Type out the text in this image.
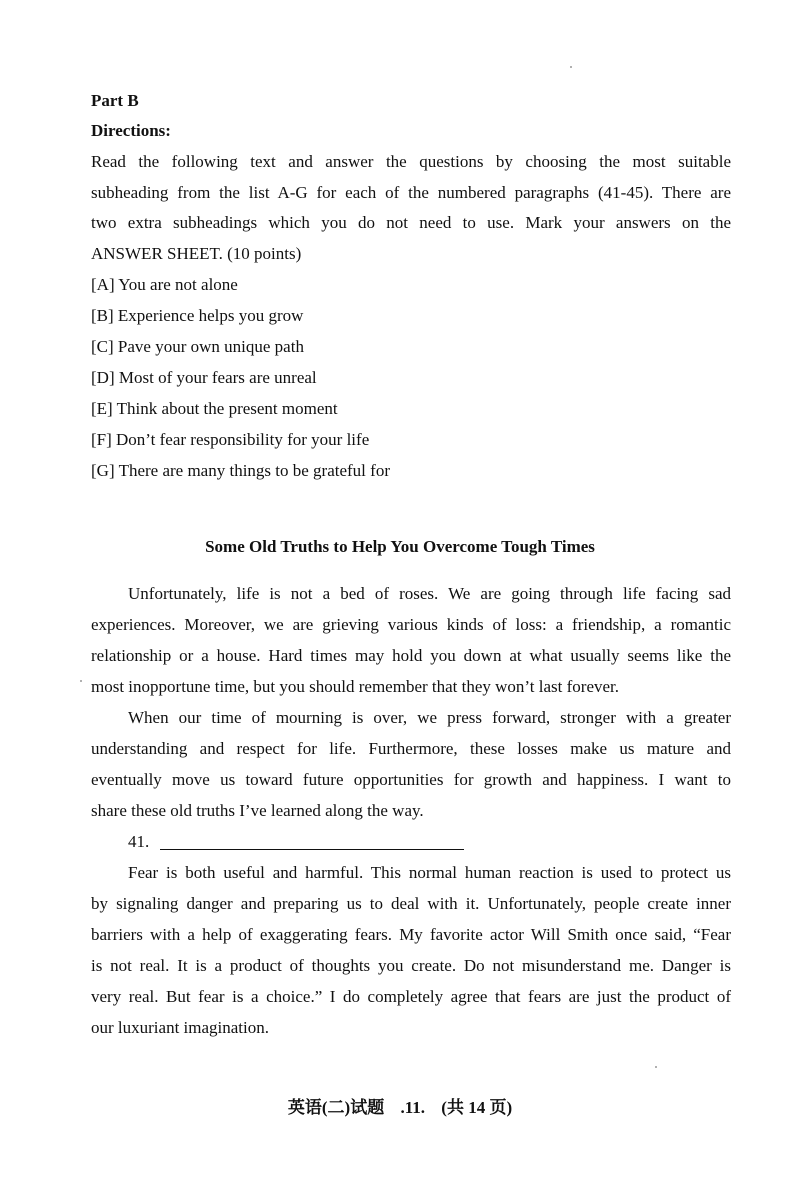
Part B
Directions:
Read the following text and answer the questions by choosing the most suitable
subheading from the list A-G for each of the numbered paragraphs (41-45). There are
two extra subheadings which you do not need to use. Mark your answers on the
ANSWER SHEET. (10 points)
[A] You are not alone
[B] Experience helps you grow
[C] Pave your own unique path
[D] Most of your fears are unreal
[E] Think about the present moment
[F] Don’t fear responsibility for your life
[G] There are many things to be grateful for
Some Old Truths to Help You Overcome Tough Times
Unfortunately, life is not a bed of roses. We are going through life facing sad
experiences. Moreover, we are grieving various kinds of loss: a friendship, a romantic
relationship or a house. Hard times may hold you down at what usually seems like the
most inopportune time, but you should remember that they won’t last forever.
When our time of mourning is over, we press forward, stronger with a greater
understanding and respect for life. Furthermore, these losses make us mature and
eventually move us toward future opportunities for growth and happiness. I want to
share these old truths I’ve learned along the way.
41.
Fear is both useful and harmful. This normal human reaction is used to protect us
by signaling danger and preparing us to deal with it. Unfortunately, people create inner
barriers with a help of exaggerating fears. My favorite actor Will Smith once said, “Fear
is not real. It is a product of thoughts you create. Do not misunderstand me. Danger is
very real. But fear is a choice.” I do completely agree that fears are just the product of
our luxuriant imagination.
英语(二)试题 .11. (共 14 页)
